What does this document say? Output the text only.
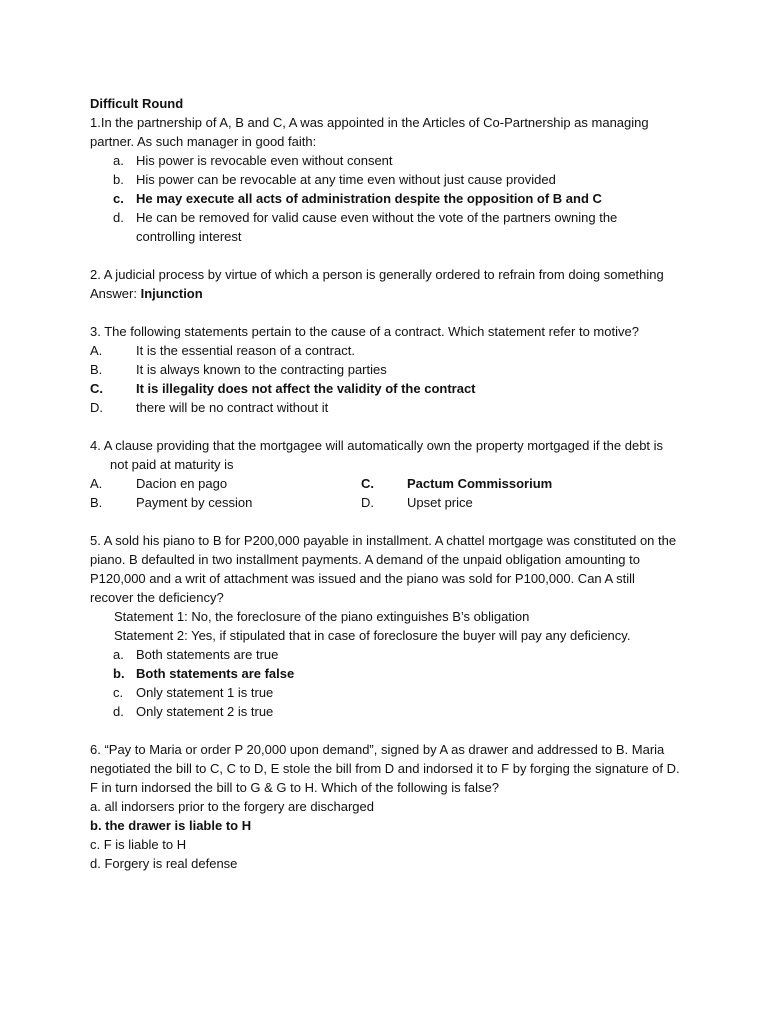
Difficult Round
1.In the partnership of A, B and C, A was appointed in the Articles of Co-Partnership as managing partner. As such manager in good faith:
a. His power is revocable even without consent
b. His power can be revocable at any time even without just cause provided
c. He may execute all acts of administration despite the opposition of B and C
d. He can be removed for valid cause even without the vote of the partners owning the controlling interest
2. A judicial process by virtue of which a person is generally ordered to refrain from doing something
Answer: Injunction
3. The following statements pertain to the cause of a contract. Which statement refer to motive?
A.	It is the essential reason of a contract.
B.	It is always known to the contracting parties
C.	It is illegality does not affect the validity of the contract
D.	there will be no contract without it
4. A clause providing that the mortgagee will automatically own the property mortgaged if the debt is not paid at maturity is
A.	Dacion en pago	C.	Pactum Commissorium
B.	Payment by cession	D.	Upset price
5. A sold his piano to B for P200,000 payable in installment. A chattel mortgage was constituted on the piano. B defaulted in two installment payments. A demand of the unpaid obligation amounting to P120,000 and a writ of attachment was issued and the piano was sold for P100,000. Can A still recover the deficiency?
Statement 1: No, the foreclosure of the piano extinguishes B’s obligation
Statement 2: Yes, if stipulated that in case of foreclosure the buyer will pay any deficiency.
a. Both statements are true
b. Both statements are false
c. Only statement 1 is true
d. Only statement 2 is true
6. “Pay to Maria or order P 20,000 upon demand”, signed by A as drawer and addressed to B. Maria negotiated the bill to C, C to D, E stole the bill from D and indorsed it to F by forging the signature of D. F in turn indorsed the bill to G & G to H. Which of the following is false?
a. all indorsers prior to the forgery are discharged
b. the drawer is liable to H
c. F is liable to H
d. Forgery is real defense
